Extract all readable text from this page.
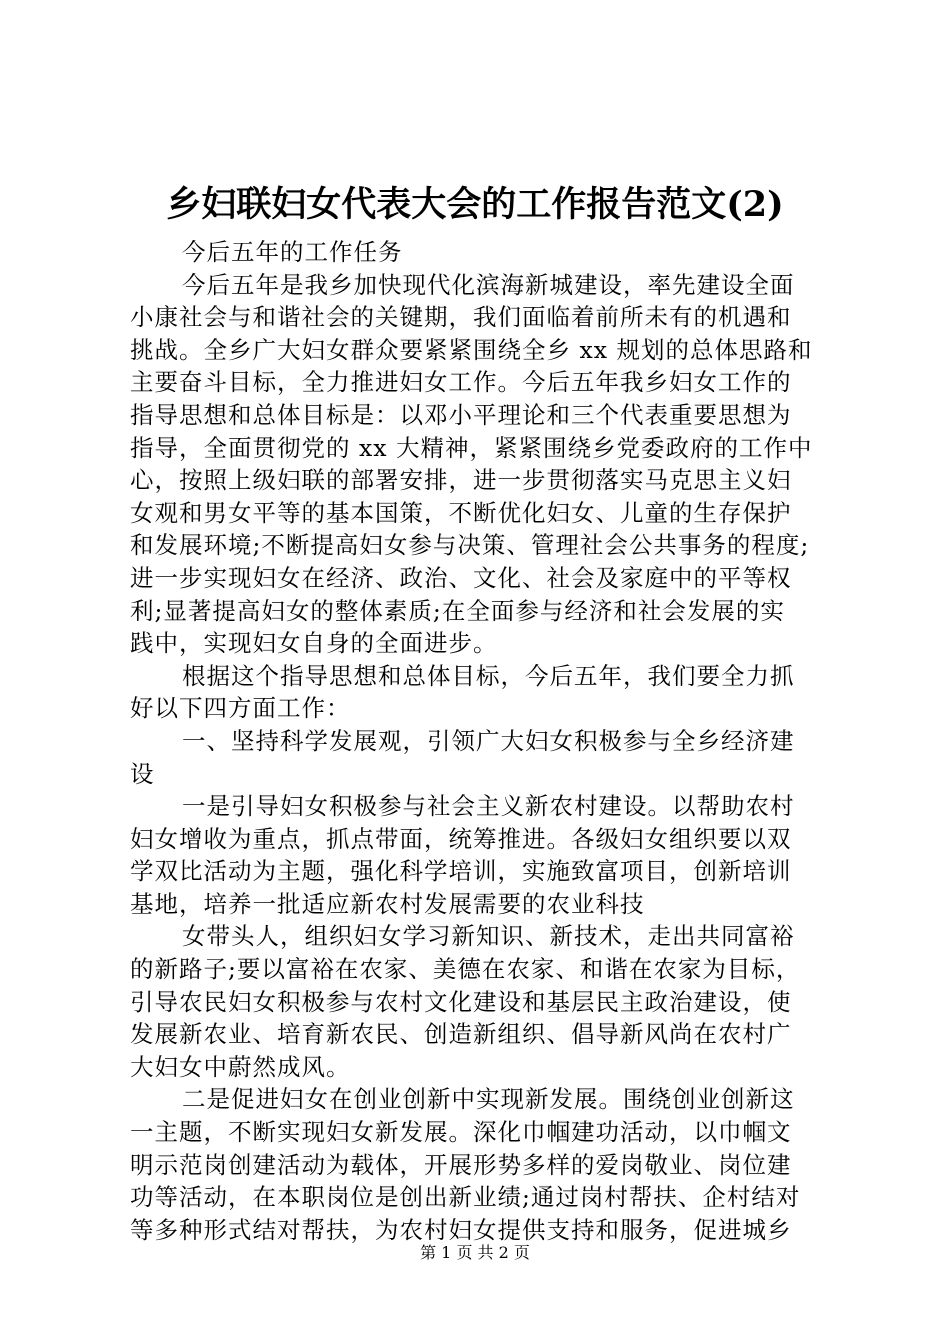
乡妇联妇女代表大会的工作报告范文(2)
今后五年的工作任务
今后五年是我乡加快现代化滨海新城建设，率先建设全面
小康社会与和谐社会的关键期，我们面临着前所未有的机遇和
挑战。全乡广大妇女群众要紧紧围绕全乡 xx 规划的总体思路和
主要奋斗目标，全力推进妇女工作。今后五年我乡妇女工作的
指导思想和总体目标是：以邓小平理论和三个代表重要思想为
指导，全面贯彻党的 xx 大精神，紧紧围绕乡党委政府的工作中
心，按照上级妇联的部署安排，进一步贯彻落实马克思主义妇
女观和男女平等的基本国策，不断优化妇女、儿童的生存保护
和发展环境;不断提高妇女参与决策、管理社会公共事务的程度;
进一步实现妇女在经济、政治、文化、社会及家庭中的平等权
利;显著提高妇女的整体素质;在全面参与经济和社会发展的实
践中，实现妇女自身的全面进步。
根据这个指导思想和总体目标，今后五年，我们要全力抓
好以下四方面工作：
一、坚持科学发展观，引领广大妇女积极参与全乡经济建
设
一是引导妇女积极参与社会主义新农村建设。以帮助农村
妇女增收为重点，抓点带面，统筹推进。各级妇女组织要以双
学双比活动为主题，强化科学培训，实施致富项目，创新培训
基地，培养一批适应新农村发展需要的农业科技
女带头人，组织妇女学习新知识、新技术，走出共同富裕
的新路子;要以富裕在农家、美德在农家、和谐在农家为目标，
引导农民妇女积极参与农村文化建设和基层民主政治建设，使
发展新农业、培育新农民、创造新组织、倡导新风尚在农村广
大妇女中蔚然成风。
二是促进妇女在创业创新中实现新发展。围绕创业创新这
一主题，不断实现妇女新发展。深化巾帼建功活动，以巾帼文
明示范岗创建活动为载体，开展形势多样的爱岗敬业、岗位建
功等活动，在本职岗位是创出新业绩;通过岗村帮扶、企村结对
等多种形式结对帮扶，为农村妇女提供支持和服务，促进城乡
第 1 页 共 2 页
